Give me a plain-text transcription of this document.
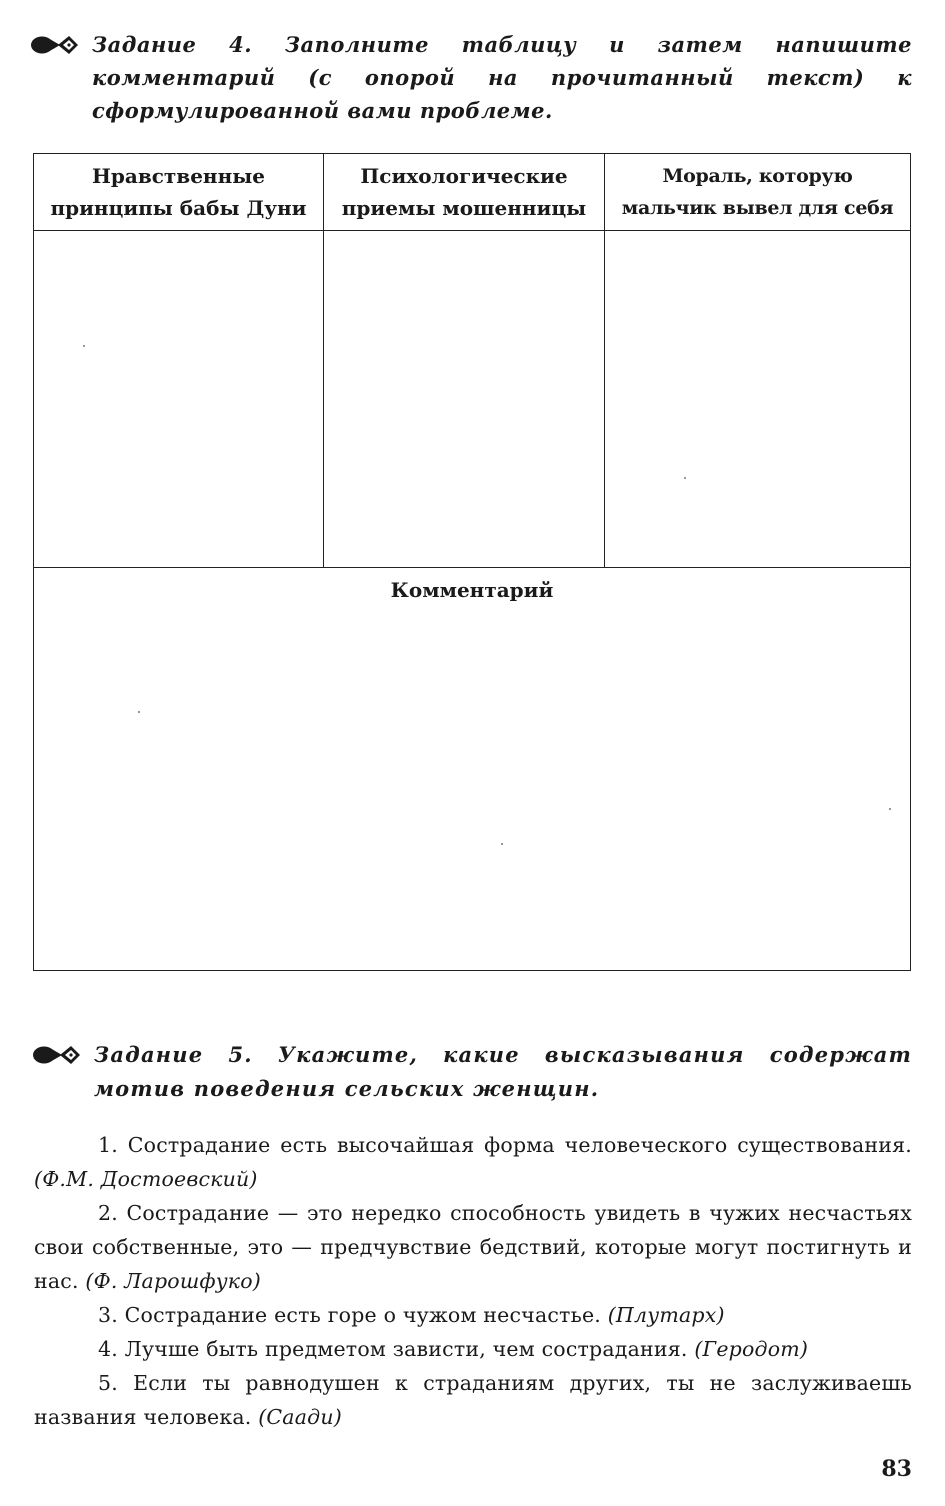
Задание 4. Заполните таблицу и затем напишите комментарий (с опорой на прочитанный текст) к сформулированной вами проблеме.
Нравственные
принципы бабы Дуни
Психологические
приемы мошенницы
Мораль, которую
мальчик вывел для себя
Комментарий
Задание 5. Укажите, какие высказывания содержат мотив поведения сельских женщин.

1. Сострадание есть высочайшая форма человеческого существования. (Ф.М. Достоевский)

2. Сострадание — это нередко способность увидеть в чужих несчастьях свои собственные, это — предчувствие бедствий, которые могут постигнуть и нас. (Ф. Ларошфуко)

3. Сострадание есть горе о чужом несчастье. (Плутарх)

4. Лучше быть предметом зависти, чем сострадания. (Геродот)

5. Если ты равнодушен к страданиям других, ты не заслуживаешь названия человека. (Саади)

83
